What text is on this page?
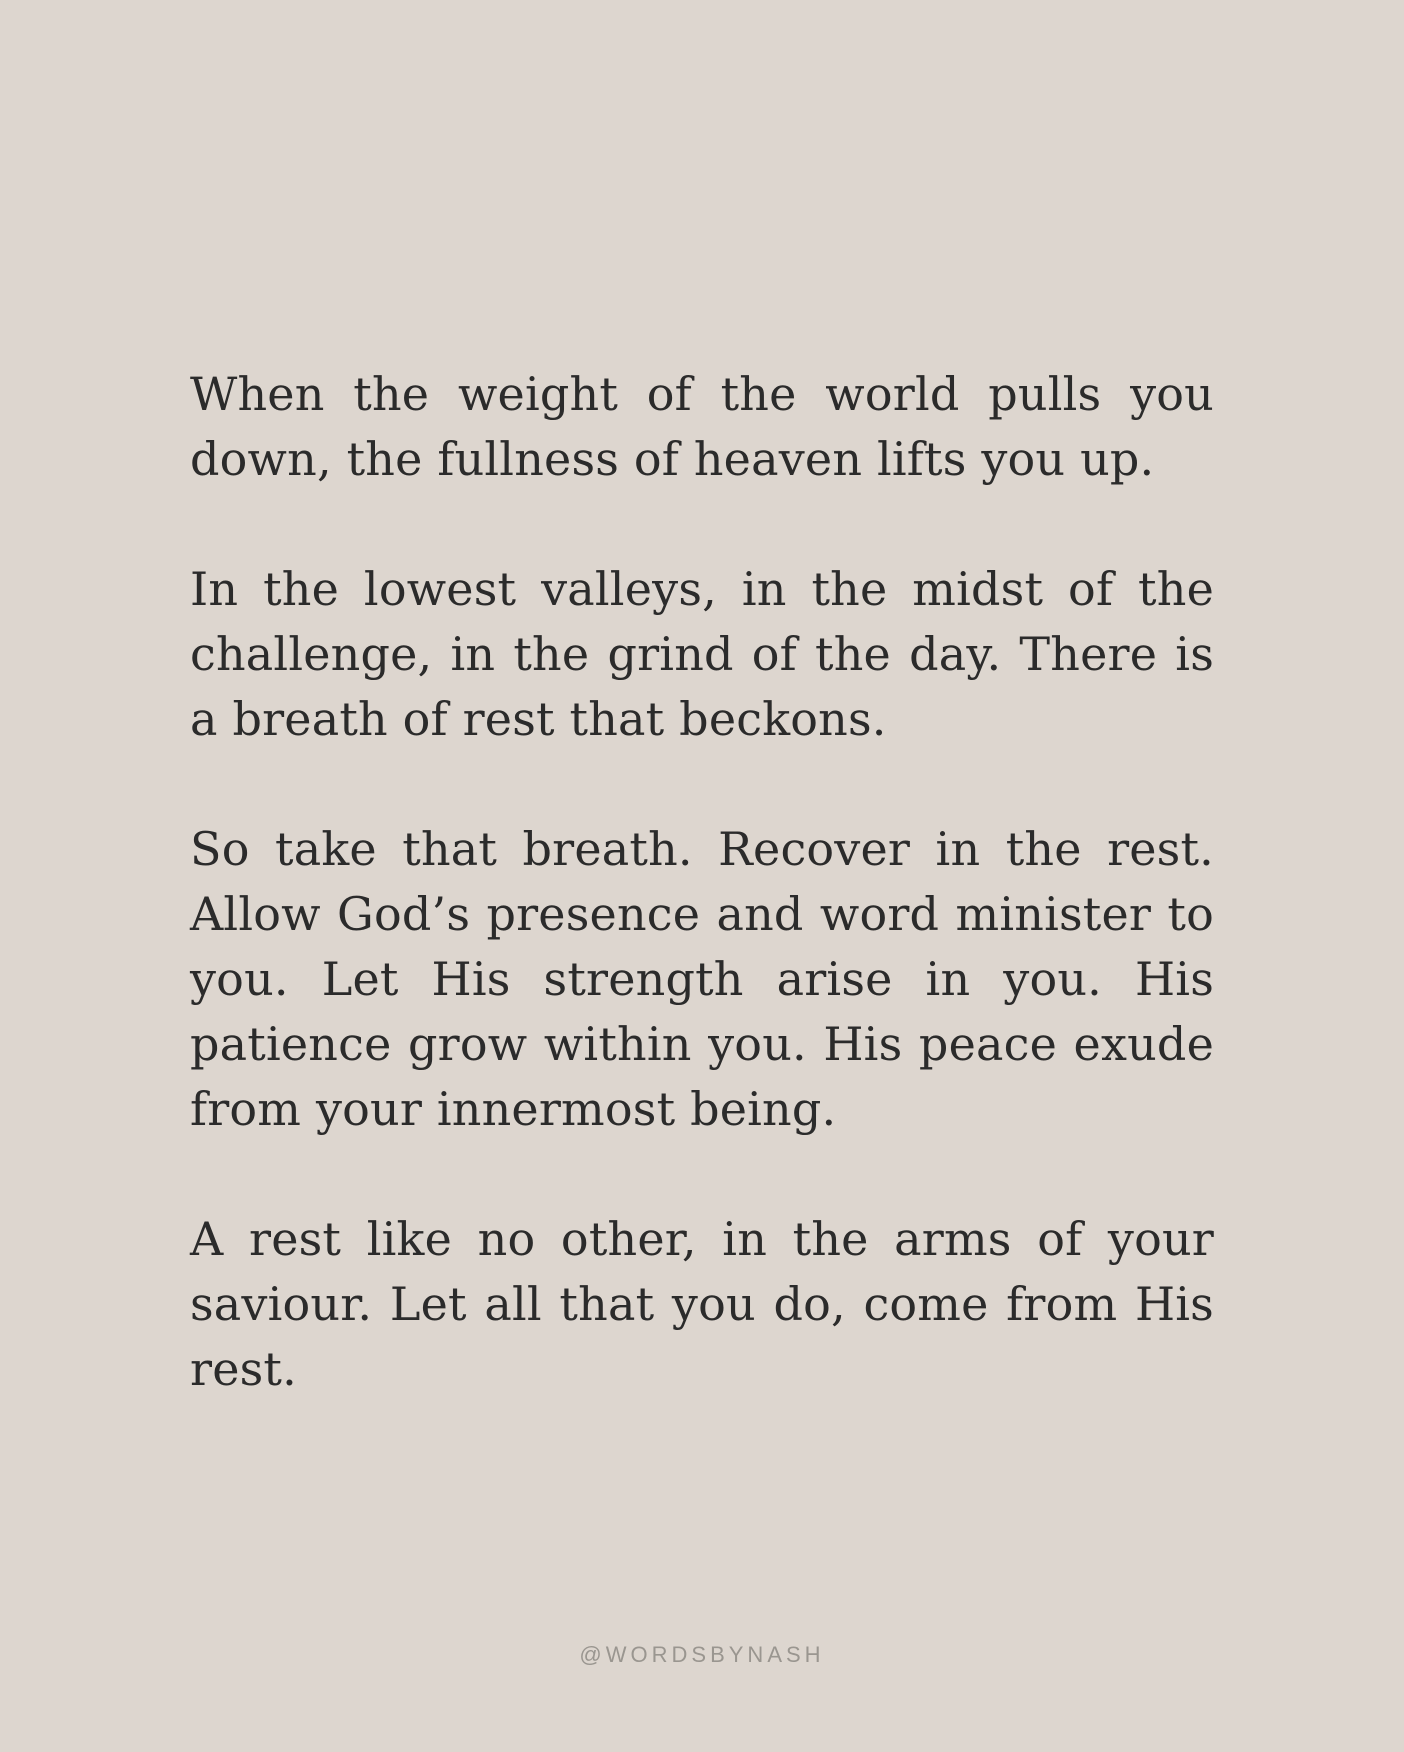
When the weight of the world pulls you down, the fullness of heaven lifts you up.

In the lowest valleys, in the midst of the challenge, in the grind of the day. There is a breath of rest that beckons.

So take that breath. Recover in the rest. Allow God’s presence and word minister to you. Let His strength arise in you. His patience grow within you. His peace exude from your innermost being.

A rest like no other, in the arms of your saviour. Let all that you do, come from His rest.

@WORDSBYNASH
